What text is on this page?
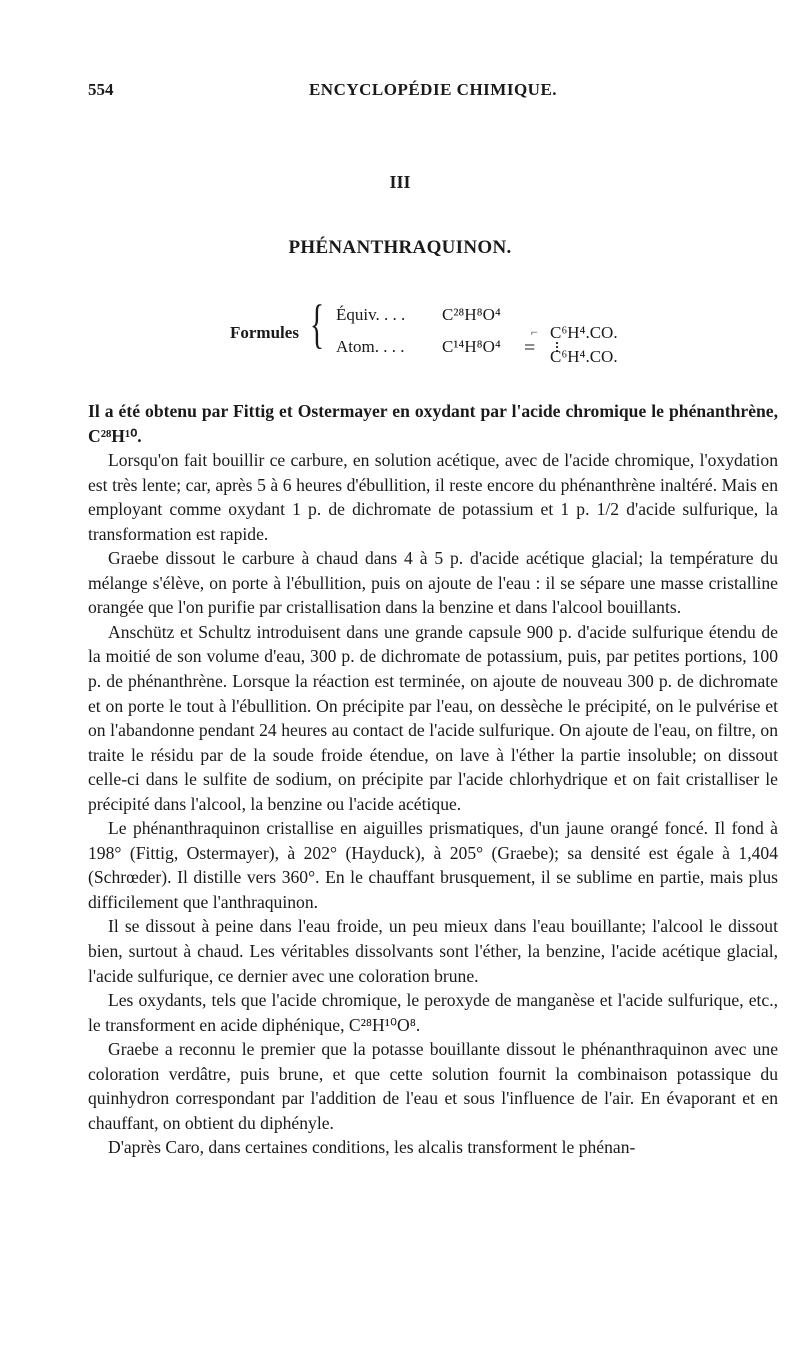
554	ENCYCLOPÉDIE CHIMIQUE.
III
PHÉNANTHRAQUINON.
Formules { Équiv. . . . C²⁸H⁸O⁴
Atom. . . . C¹⁴H⁸O⁴
⌐
=
C⁶H⁴.CO.
C⁶H⁴.CO.

Il a été obtenu par Fittig et Ostermayer en oxydant par l'acide chromique le phénanthrène, C²⁸H¹⁰.

Lorsqu'on fait bouillir ce carbure, en solution acétique, avec de l'acide chromique, l'oxydation est très lente; car, après 5 à 6 heures d'ébullition, il reste encore du phénanthrène inaltéré. Mais en employant comme oxydant 1 p. de dichromate de potassium et 1 p. 1/2 d'acide sulfurique, la transformation est rapide.

Graebe dissout le carbure à chaud dans 4 à 5 p. d'acide acétique glacial; la température du mélange s'élève, on porte à l'ébullition, puis on ajoute de l'eau : il se sépare une masse cristalline orangée que l'on purifie par cristallisation dans la benzine et dans l'alcool bouillants.

Anschütz et Schultz introduisent dans une grande capsule 900 p. d'acide sulfurique étendu de la moitié de son volume d'eau, 300 p. de dichromate de potassium, puis, par petites portions, 100 p. de phénanthrène. Lorsque la réaction est terminée, on ajoute de nouveau 300 p. de dichromate et on porte le tout à l'ébullition. On précipite par l'eau, on dessèche le précipité, on le pulvérise et on l'abandonne pendant 24 heures au contact de l'acide sulfurique. On ajoute de l'eau, on filtre, on traite le résidu par de la soude froide étendue, on lave à l'éther la partie insoluble; on dissout celle-ci dans le sulfite de sodium, on précipite par l'acide chlorhydrique et on fait cristalliser le précipité dans l'alcool, la benzine ou l'acide acétique.

Le phénanthraquinon cristallise en aiguilles prismatiques, d'un jaune orangé foncé. Il fond à 198° (Fittig, Ostermayer), à 202° (Hayduck), à 205° (Graebe); sa densité est égale à 1,404 (Schrœder). Il distille vers 360°. En le chauffant brusquement, il se sublime en partie, mais plus difficilement que l'anthraquinon.

Il se dissout à peine dans l'eau froide, un peu mieux dans l'eau bouillante; l'alcool le dissout bien, surtout à chaud. Les véritables dissolvants sont l'éther, la benzine, l'acide acétique glacial, l'acide sulfurique, ce dernier avec une coloration brune.

Les oxydants, tels que l'acide chromique, le peroxyde de manganèse et l'acide sulfurique, etc., le transforment en acide diphénique, C²⁸H¹⁰O⁸.

Graebe a reconnu le premier que la potasse bouillante dissout le phénanthraquinon avec une coloration verdâtre, puis brune, et que cette solution fournit la combinaison potassique du quinhydron correspondant par l'addition de l'eau et sous l'influence de l'air. En évaporant et en chauffant, on obtient du diphényle.

D'après Caro, dans certaines conditions, les alcalis transforment le phénan-
